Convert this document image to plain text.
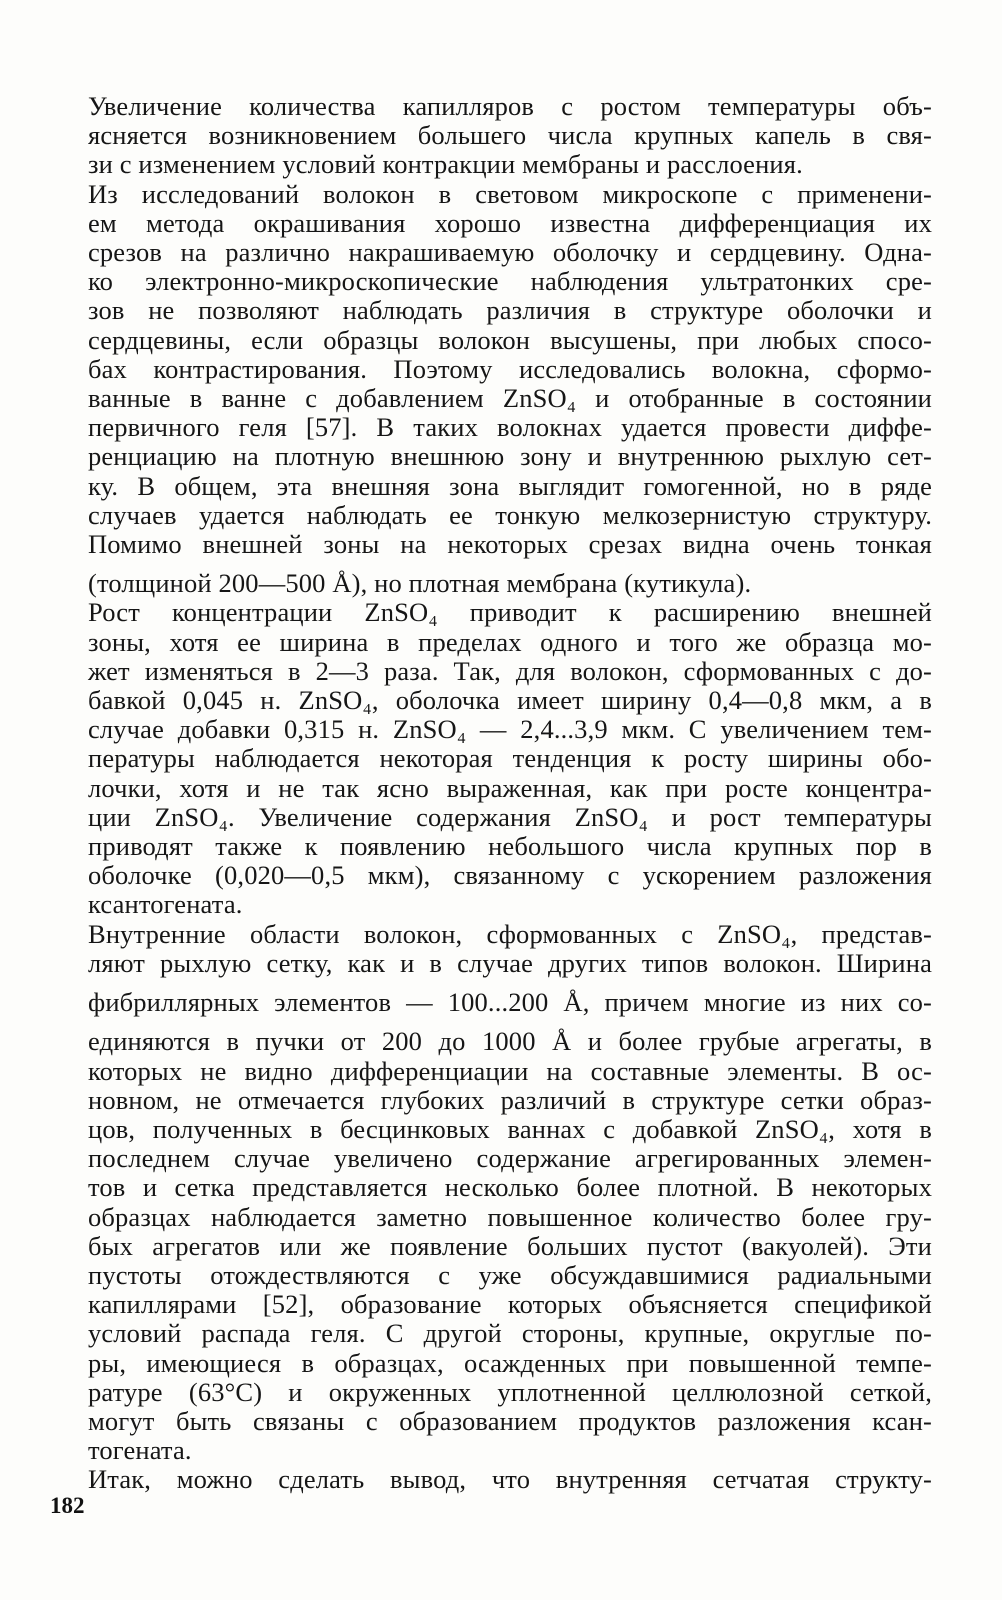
Увеличение количества капилляров с ростом температуры объ-
ясняется возникновением большего числа крупных капель в свя-
зи с изменением условий контракции мембраны и расслоения.

Из исследований волокон в световом микроскопе с применени-
ем метода окрашивания хорошо известна дифференциация их
срезов на различно накрашиваемую оболочку и сердцевину. Одна-
ко электронно-микроскопические наблюдения ультратонких сре-
зов не позволяют наблюдать различия в структуре оболочки и
сердцевины, если образцы волокон высушены, при любых спосо-
бах контрастирования. Поэтому исследовались волокна, сформо-
ванные в ванне с добавлением ZnSO₄ и отобранные в состоянии
первичного геля [57]. В таких волокнах удается провести диффе-
ренциацию на плотную внешнюю зону и внутреннюю рыхлую сет-
ку. В общем, эта внешняя зона выглядит гомогенной, но в ряде
случаев удается наблюдать ее тонкую мелкозернистую структуру.
Помимо внешней зоны на некоторых срезах видна очень тонкая
(толщиной 200—500 Å), но плотная мембрана (кутикула).

Рост концентрации ZnSO₄ приводит к расширению внешней
зоны, хотя ее ширина в пределах одного и того же образца мо-
жет изменяться в 2—3 раза. Так, для волокон, сформованных с до-
бавкой 0,045 н. ZnSO₄, оболочка имеет ширину 0,4—0,8 мкм, а в
случае добавки 0,315 н. ZnSO₄ — 2,4...3,9 мкм. С увеличением тем-
пературы наблюдается некоторая тенденция к росту ширины обо-
лочки, хотя и не так ясно выраженная, как при росте концентра-
ции ZnSO₄. Увеличение содержания ZnSO₄ и рост температуры
приводят также к появлению небольшого числа крупных пор в
оболочке (0,020—0,5 мкм), связанному с ускорением разложения
ксантогената.

Внутренние области волокон, сформованных с ZnSO₄, представ-
ляют рыхлую сетку, как и в случае других типов волокон. Ширина
фибриллярных элементов — 100...200 Å, причем многие из них со-
единяются в пучки от 200 до 1000 Å и более грубые агрегаты, в
которых не видно дифференциации на составные элементы. В ос-
новном, не отмечается глубоких различий в структуре сетки образ-
цов, полученных в бесцинковых ваннах с добавкой ZnSO₄, хотя в
последнем случае увеличено содержание агрегированных элемен-
тов и сетка представляется несколько более плотной. В некоторых
образцах наблюдается заметно повышенное количество более гру-
бых агрегатов или же появление больших пустот (вакуолей). Эти
пустоты отождествляются с уже обсуждавшимися радиальными
капиллярами [52], образование которых объясняется спецификой
условий распада геля. С другой стороны, крупные, округлые по-
ры, имеющиеся в образцах, осажденных при повышенной темпе-
ратуре (63°С) и окруженных уплотненной целлюлозной сеткой,
могут быть связаны с образованием продуктов разложения ксан-
тогената.

Итак, можно сделать вывод, что внутренняя сетчатая структу-

182
